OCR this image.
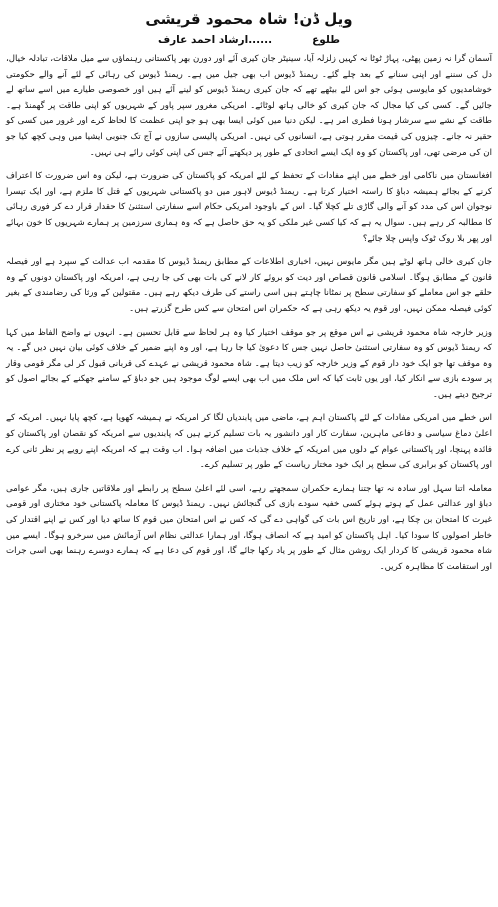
ویل ڈن! شاہ محمود قریشی
طلوع
......ارشاد احمد عارف

آسمان گرا نہ زمین پھٹی، پہاڑ ٹوٹا نہ کہیں زلزلہ آیا، سینیٹر جان کیری آئے اور دورن بھر پاکستانی رہنماؤں سے میل ملاقات، تبادلہ خیال، دل کی سننے اور اپنی سنانے کے بعد چلے گئے۔ ریمنڈ ڈیوس اب بھی جیل میں ہے۔ ریمنڈ ڈیوس کی رہائی کے لئے آنے والے حکومتی خوشامدیوں کو مایوسی ہوئی جو اس لئے بیٹھے تھے کہ جان کیری ریمنڈ ڈیوس کو لینے آئے ہیں اور خصوصی طیارے میں اسے ساتھ لے جائیں گے۔ کسی کی کیا مجال کہ جان کیری کو خالی ہاتھ لوٹائے۔ امریکی مغرور سپر پاور کے شہریوں کو اپنی طاقت پر گھمنڈ ہے۔ طاقت کے نشے سے سرشار ہونا فطری امر ہے۔ لیکن دنیا میں کوئی ایسا بھی ہو جو اپنی عظمت کا لحاظ کرے اور غرور میں کسی کو حقیر نہ جانے۔ چیزوں کی قیمت مقرر ہوتی ہے، انسانوں کی نہیں۔ امریکی پالیسی سازوں نے آج تک جنوبی ایشیا میں وہی کچھ کیا جو ان کی مرضی تھی، اور پاکستان کو وہ ایک ایسے اتحادی کے طور پر دیکھتے آئے جس کی اپنی کوئی رائے ہی نہیں۔

افغانستان میں ناکامی اور خطے میں اپنے مفادات کے تحفظ کے لئے امریکہ کو پاکستان کی ضرورت ہے، لیکن وہ اس ضرورت کا اعتراف کرنے کے بجائے ہمیشہ دباؤ کا راستہ اختیار کرتا ہے۔ ریمنڈ ڈیوس لاہور میں دو پاکستانی شہریوں کے قتل کا ملزم ہے، اور ایک تیسرا نوجوان اس کی مدد کو آنے والی گاڑی تلے کچلا گیا۔ اس کے باوجود امریکی حکام اسے سفارتی استثنیٰ کا حقدار قرار دے کر فوری رہائی کا مطالبہ کر رہے ہیں۔ سوال یہ ہے کہ کیا کسی غیر ملکی کو یہ حق حاصل ہے کہ وہ ہماری سرزمین پر ہمارے شہریوں کا خون بہائے اور پھر بلا روک ٹوک واپس چلا جائے؟

جان کیری خالی ہاتھ لوٹے ہیں مگر مایوس نہیں، اخباری اطلاعات کے مطابق ریمنڈ ڈیوس کا مقدمہ اب عدالت کے سپرد ہے اور فیصلہ قانون کے مطابق ہوگا۔ اسلامی قانون قصاص اور دیت کو بروئے کار لانے کی بات بھی کی جا رہی ہے، امریکہ اور پاکستان دونوں کے وہ حلقے جو اس معاملے کو سفارتی سطح پر نمٹانا چاہتے ہیں اسی راستے کی طرف دیکھ رہے ہیں۔ مقتولین کے ورثا کی رضامندی کے بغیر کوئی فیصلہ ممکن نہیں، اور قوم یہ دیکھ رہی ہے کہ حکمران اس امتحان سے کس طرح گزرتے ہیں۔

وزیر خارجہ شاہ محمود قریشی نے اس موقع پر جو موقف اختیار کیا وہ ہر لحاظ سے قابل تحسین ہے۔ انہوں نے واضح الفاظ میں کہا کہ ریمنڈ ڈیوس کو وہ سفارتی استثنیٰ حاصل نہیں جس کا دعویٰ کیا جا رہا ہے، اور وہ اپنے ضمیر کے خلاف کوئی بیان نہیں دیں گے۔ یہ وہ موقف تھا جو ایک خود دار قوم کے وزیر خارجہ کو زیب دیتا ہے۔ شاہ محمود قریشی نے عہدے کی قربانی قبول کر لی مگر قومی وقار پر سودے بازی سے انکار کیا، اور یوں ثابت کیا کہ اس ملک میں اب بھی ایسے لوگ موجود ہیں جو دباؤ کے سامنے جھکنے کے بجائے اصول کو ترجیح دیتے ہیں۔

اس خطے میں امریکی مفادات کے لئے پاکستان اہم ہے، ماضی میں پابندیاں لگا کر امریکہ نے ہمیشہ کھویا ہے، کچھ پایا نہیں۔ امریکہ کے اعلیٰ دماغ سیاسی و دفاعی ماہرین، سفارت کار اور دانشور یہ بات تسلیم کرتے ہیں کہ پابندیوں سے امریکہ کو نقصان اور پاکستان کو فائدہ پہنچا، اور پاکستانی عوام کے دلوں میں امریکہ کے خلاف جذبات میں اضافہ ہوا۔ اب وقت ہے کہ امریکہ اپنے رویے پر نظر ثانی کرے اور پاکستان کو برابری کی سطح پر ایک خود مختار ریاست کے طور پر تسلیم کرے۔

معاملہ اتنا سہل اور سادہ نہ تھا جتنا ہمارے حکمران سمجھتے رہے، اسی لئے اعلیٰ سطح پر رابطے اور ملاقاتیں جاری ہیں، مگر عوامی دباؤ اور عدالتی عمل کے ہوتے ہوئے کسی خفیہ سودے بازی کی گنجائش نہیں۔ ریمنڈ ڈیوس کا معاملہ پاکستانی خود مختاری اور قومی غیرت کا امتحان بن چکا ہے، اور تاریخ اس بات کی گواہی دے گی کہ کس نے اس امتحان میں قوم کا ساتھ دیا اور کس نے اپنے اقتدار کی خاطر اصولوں کا سودا کیا۔ اہل پاکستان کو امید ہے کہ انصاف ہوگا، اور ہمارا عدالتی نظام اس آزمائش میں سرخرو ہوگا۔ ایسے میں شاہ محمود قریشی کا کردار ایک روشن مثال کے طور پر یاد رکھا جائے گا، اور قوم کی دعا ہے کہ ہمارے دوسرے رہنما بھی اسی جرات اور استقامت کا مظاہرہ کریں۔
